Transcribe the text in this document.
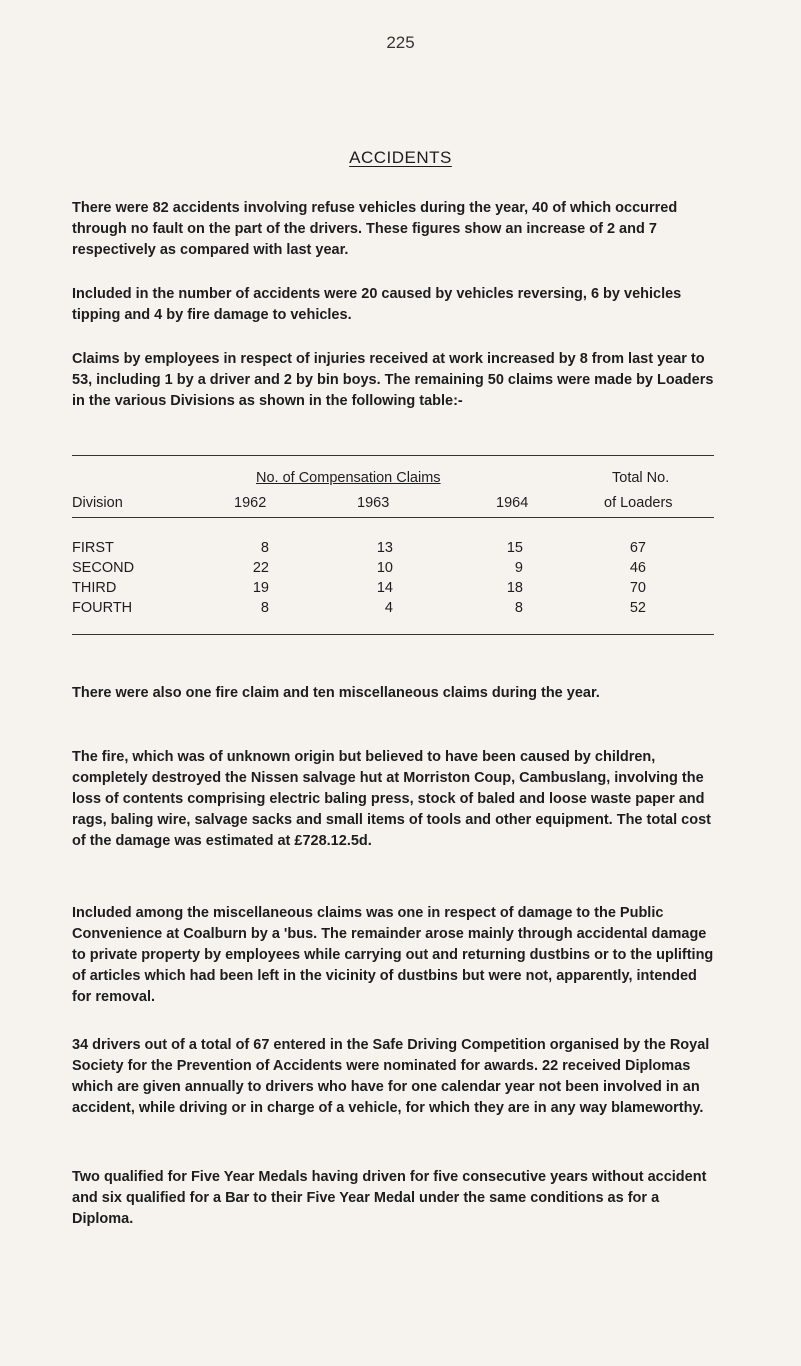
225
ACCIDENTS

There were 82 accidents involving refuse vehicles during the year, 40 of which occurred through no fault on the part of the drivers. These figures show an increase of 2 and 7 respectively as compared with last year.

Included in the number of accidents were 20 caused by vehicles reversing, 6 by vehicles tipping and 4 by fire damage to vehicles.

Claims by employees in respect of injuries received at work increased by 8 from last year to 53, including 1 by a driver and 2 by bin boys. The remaining 50 claims were made by Loaders in the various Divisions as shown in the following table:-

No. of Compensation Claims	Total No.
Division	1962	1963	1964	of Loaders
FIRST	8	13	15	67
SECOND	22	10	9	46
THIRD	19	14	18	70
FOURTH	8	4	8	52

There were also one fire claim and ten miscellaneous claims during the year.

The fire, which was of unknown origin but believed to have been caused by children, completely destroyed the Nissen salvage hut at Morriston Coup, Cambuslang, involving the loss of contents comprising electric baling press, stock of baled and loose waste paper and rags, baling wire, salvage sacks and small items of tools and other equipment. The total cost of the damage was estimated at £728.12.5d.

Included among the miscellaneous claims was one in respect of damage to the Public Convenience at Coalburn by a 'bus. The remainder arose mainly through accidental damage to private property by employees while carrying out and returning dustbins or to the uplifting of articles which had been left in the vicinity of dustbins but were not, apparently, intended for removal.

34 drivers out of a total of 67 entered in the Safe Driving Competition organised by the Royal Society for the Prevention of Accidents were nominated for awards. 22 received Diplomas which are given annually to drivers who have for one calendar year not been involved in an accident, while driving or in charge of a vehicle, for which they are in any way blameworthy.

Two qualified for Five Year Medals having driven for five consecutive years without accident and six qualified for a Bar to their Five Year Medal under the same conditions as for a Diploma.
